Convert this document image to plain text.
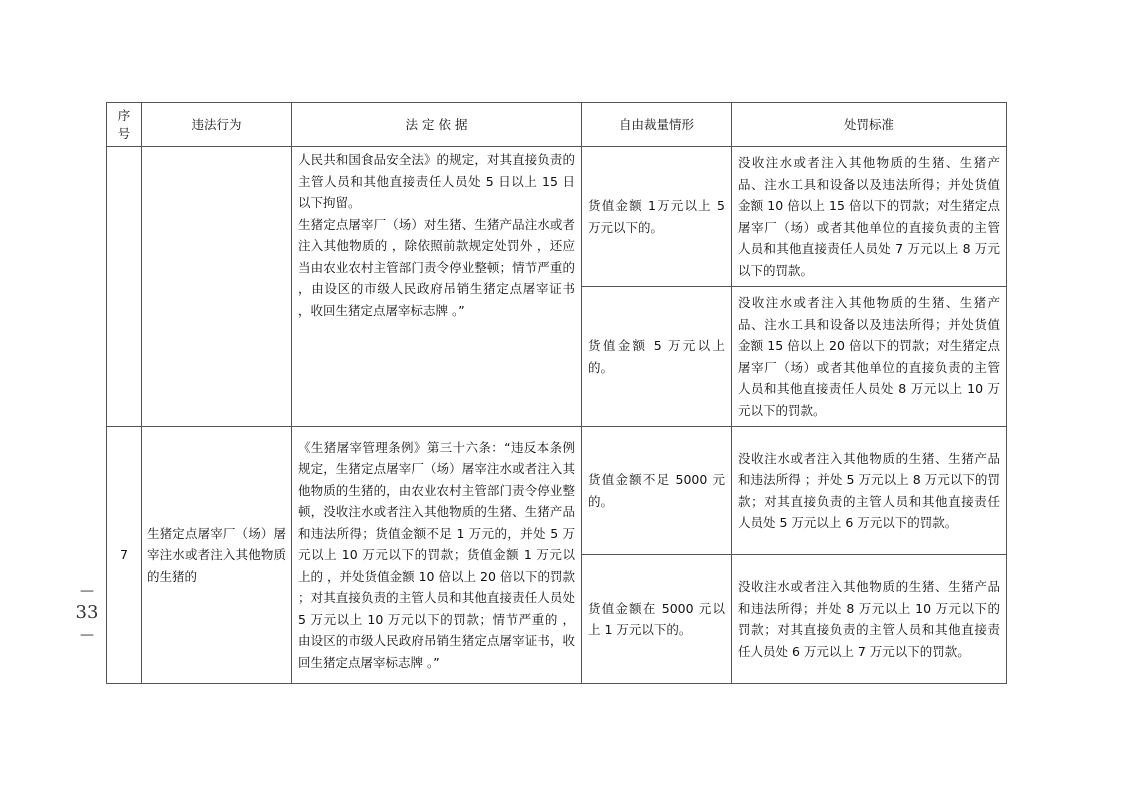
—
33
—
序号	违法行为	法 定 依 据	自由裁量情形	处罚标准

		人民共和国食品安全法》的规定，对其直接负责的主管人员和其他直接责任人员处 5 日以上 15 日以下拘留。

生猪定点屠宰厂（场）对生猪、生猪产品注水或者注入其他物质的 ，除依照前款规定处罚外 ，还应当由农业农村主管部门责令停业整顿；情节严重的 ，由设区的市级人民政府吊销生猪定点屠宰证书 ，收回生猪定点屠宰标志牌 。”	货值金额 1万元以上 5 万元以下的。	没收注水或者注入其他物质的生猪、生猪产品、注水工具和设备以及违法所得；并处货值金额 10 倍以上 15 倍以下的罚款；对生猪定点屠宰厂（场）或者其他单位的直接负责的主管人员和其他直接责任人员处 7 万元以上 8 万元以下的罚款。

			货值金额 5 万元以上的。	没收注水或者注入其他物质的生猪、生猪产品、注水工具和设备以及违法所得；并处货值金额 15 倍以上 20 倍以下的罚款；对生猪定点屠宰厂（场）或者其他单位的直接负责的主管人员和其他直接责任人员处 8 万元以上 10 万元以下的罚款。

7	生猪定点屠宰厂（场）屠宰注水或者注入其他物质的生猪的	《生猪屠宰管理条例》第三十六条：“违反本条例规定，生猪定点屠宰厂（场）屠宰注水或者注入其他物质的生猪的，由农业农村主管部门责令停业整顿，没收注水或者注入其他物质的生猪、生猪产品和违法所得；货值金额不足 1 万元的，并处 5 万元以上 10 万元以下的罚款；货值金额 1 万元以上的 ，并处货值金额 10 倍以上 20 倍以下的罚款 ；对其直接负责的主管人员和其他直接责任人员处 5 万元以上 10 万元以下的罚款；情节严重的 ，由设区的市级人民政府吊销生猪定点屠宰证书，收回生猪定点屠宰标志牌 。”	货值金额不足 5000 元的。	没收注水或者注入其他物质的生猪、生猪产品和违法所得 ；并处 5 万元以上 8 万元以下的罚款；对其直接负责的主管人员和其他直接责任人员处 5 万元以上 6 万元以下的罚款。

			货值金额在 5000 元以上 1 万元以下的。	没收注水或者注入其他物质的生猪、生猪产品和违法所得；并处 8 万元以上 10 万元以下的罚款；对其直接负责的主管人员和其他直接责任人员处 6 万元以上 7 万元以下的罚款。
